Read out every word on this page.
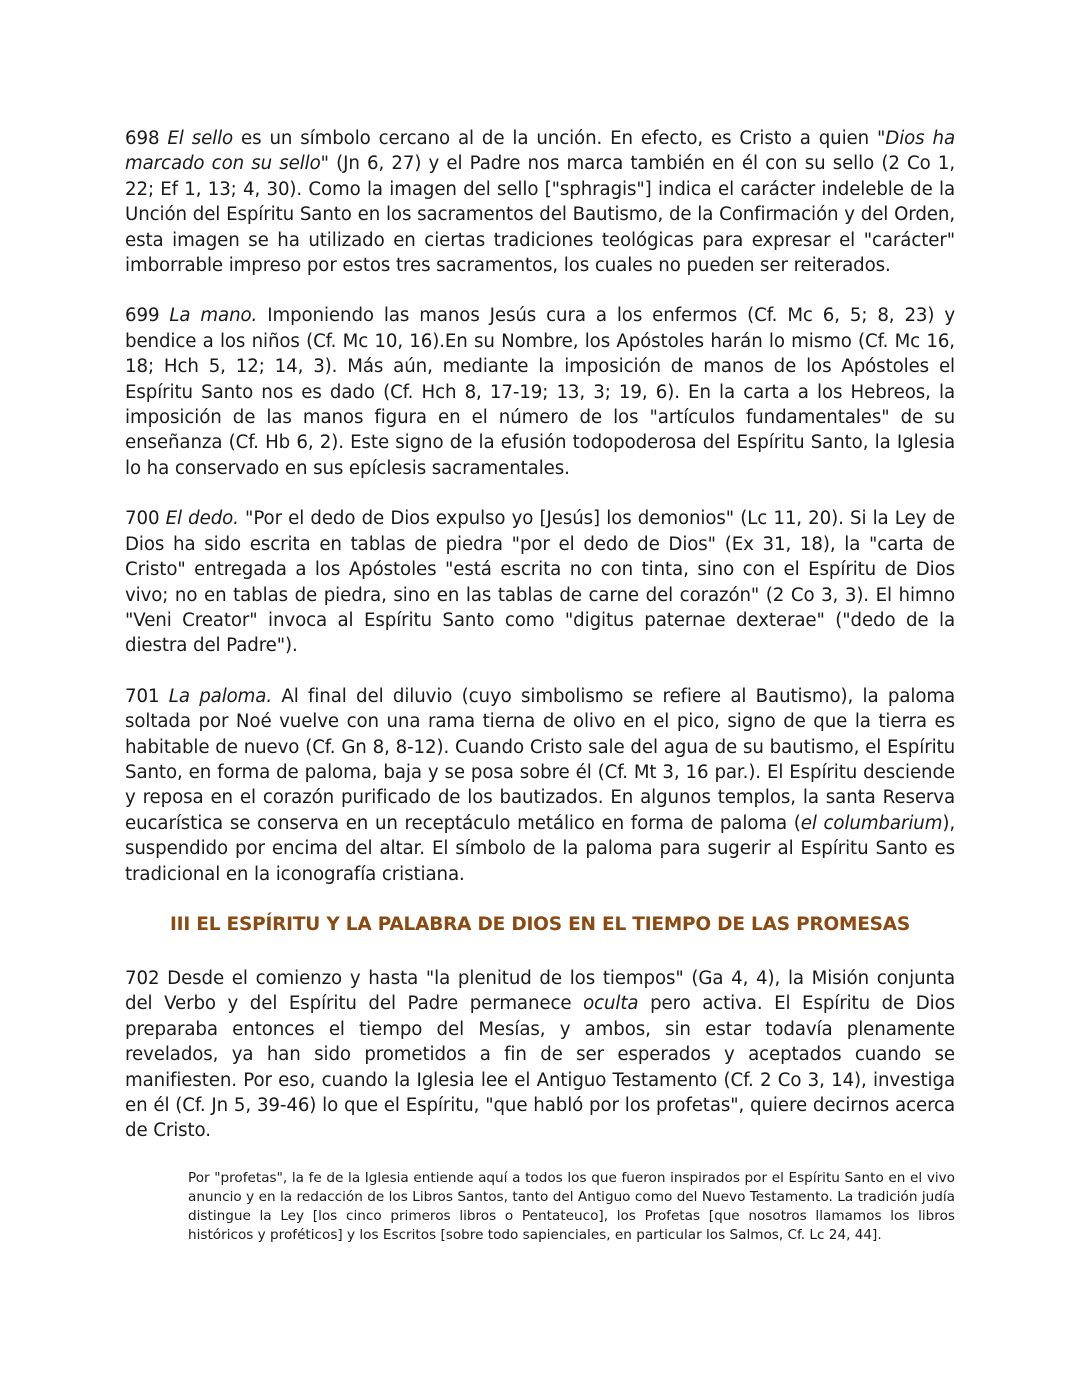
698 El sello es un símbolo cercano al de la unción. En efecto, es Cristo a quien "Dios ha marcado con su sello" (Jn 6, 27) y el Padre nos marca también en él con su sello (2 Co 1, 22; Ef 1, 13; 4, 30). Como la imagen del sello ["sphragis"] indica el carácter indeleble de la Unción del Espíritu Santo en los sacramentos del Bautismo, de la Confirmación y del Orden, esta imagen se ha utilizado en ciertas tradiciones teológicas para expresar el "carácter" imborrable impreso por estos tres sacramentos, los cuales no pueden ser reiterados.

699 La mano. Imponiendo las manos Jesús cura a los enfermos (Cf. Mc 6, 5; 8, 23) y bendice a los niños (Cf. Mc 10, 16).En su Nombre, los Apóstoles harán lo mismo (Cf. Mc 16, 18; Hch 5, 12; 14, 3). Más aún, mediante la imposición de manos de los Apóstoles el Espíritu Santo nos es dado (Cf. Hch 8, 17-19; 13, 3; 19, 6). En la carta a los Hebreos, la imposición de las manos figura en el número de los "artículos fundamentales" de su enseñanza (Cf. Hb 6, 2). Este signo de la efusión todopoderosa del Espíritu Santo, la Iglesia lo ha conservado en sus epíclesis sacramentales.

700 El dedo. "Por el dedo de Dios expulso yo [Jesús] los demonios" (Lc 11, 20). Si la Ley de Dios ha sido escrita en tablas de piedra "por el dedo de Dios" (Ex 31, 18), la "carta de Cristo" entregada a los Apóstoles "está escrita no con tinta, sino con el Espíritu de Dios vivo; no en tablas de piedra, sino en las tablas de carne del corazón" (2 Co 3, 3). El himno "Veni Creator" invoca al Espíritu Santo como "digitus paternae dexterae" ("dedo de la diestra del Padre").

701 La paloma. Al final del diluvio (cuyo simbolismo se refiere al Bautismo), la paloma soltada por Noé vuelve con una rama tierna de olivo en el pico, signo de que la tierra es habitable de nuevo (Cf. Gn 8, 8-12). Cuando Cristo sale del agua de su bautismo, el Espíritu Santo, en forma de paloma, baja y se posa sobre él (Cf. Mt 3, 16 par.). El Espíritu desciende y reposa en el corazón purificado de los bautizados. En algunos templos, la santa Reserva eucarística se conserva en un receptáculo metálico en forma de paloma (el columbarium), suspendido por encima del altar. El símbolo de la paloma para sugerir al Espíritu Santo es tradicional en la iconografía cristiana.

III EL ESPÍRITU Y LA PALABRA DE DIOS EN EL TIEMPO DE LAS PROMESAS

702 Desde el comienzo y hasta "la plenitud de los tiempos" (Ga 4, 4), la Misión conjunta del Verbo y del Espíritu del Padre permanece oculta pero activa. El Espíritu de Dios preparaba entonces el tiempo del Mesías, y ambos, sin estar todavía plenamente revelados, ya han sido prometidos a fin de ser esperados y aceptados cuando se manifiesten. Por eso, cuando la Iglesia lee el Antiguo Testamento (Cf. 2 Co 3, 14), investiga en él (Cf. Jn 5, 39-46) lo que el Espíritu, "que habló por los profetas", quiere decirnos acerca de Cristo.

Por "profetas", la fe de la Iglesia entiende aquí a todos los que fueron inspirados por el Espíritu Santo en el vivo anuncio y en la redacción de los Libros Santos, tanto del Antiguo como del Nuevo Testamento. La tradición judía distingue la Ley [los cinco primeros libros o Pentateuco], los Profetas [que nosotros llamamos los libros históricos y proféticos] y los Escritos [sobre todo sapienciales, en particular los Salmos, Cf. Lc 24, 44].
